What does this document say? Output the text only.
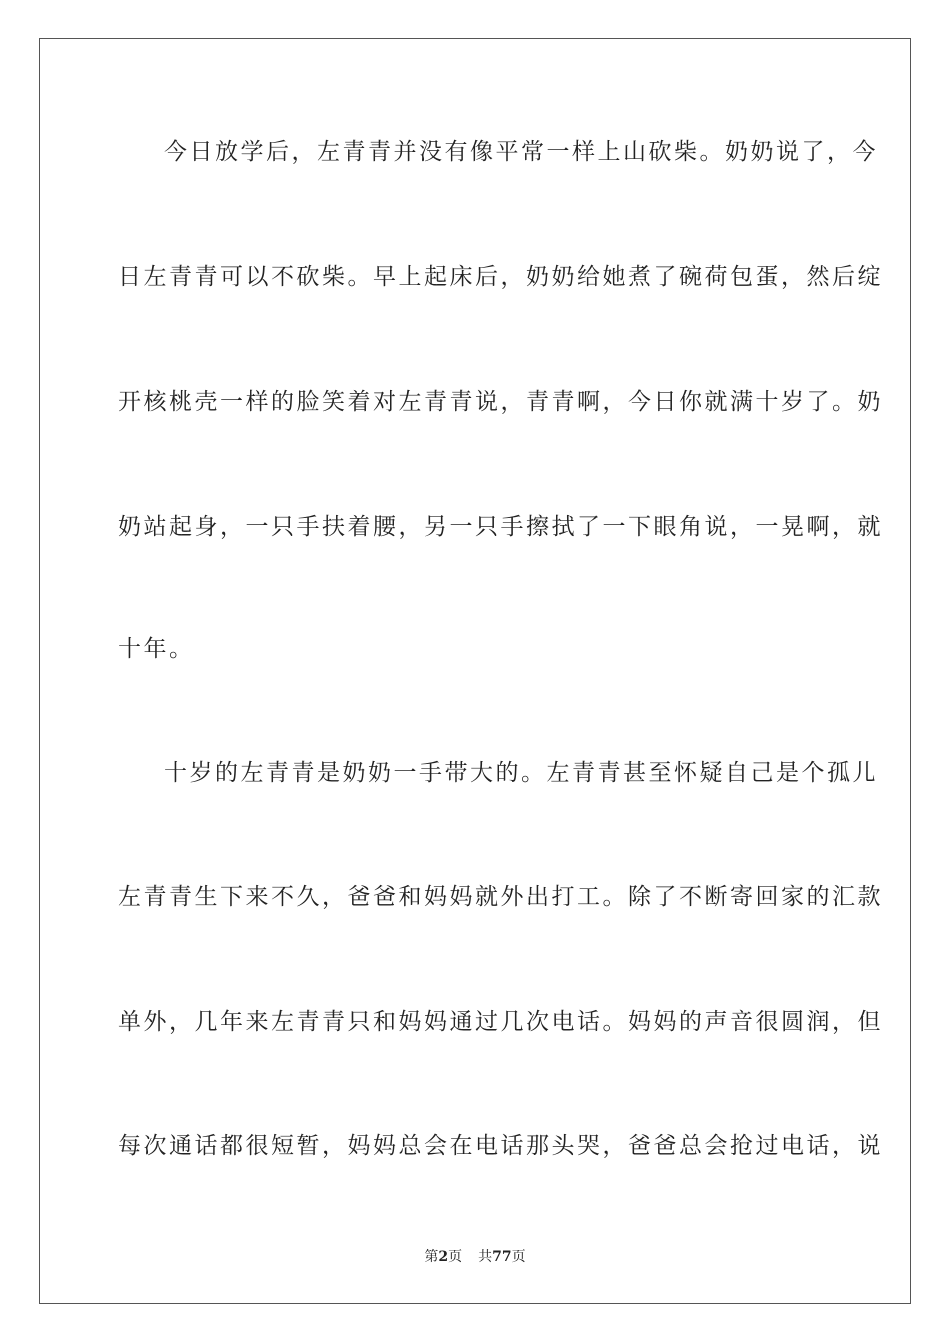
今日放学后，左青青并没有像平常一样上山砍柴。奶奶说了，今
日左青青可以不砍柴。早上起床后，奶奶给她煮了碗荷包蛋，然后绽
开核桃壳一样的脸笑着对左青青说，青青啊，今日你就满十岁了。奶
奶站起身，一只手扶着腰，另一只手擦拭了一下眼角说，一晃啊，就
十年。
十岁的左青青是奶奶一手带大的。左青青甚至怀疑自己是个孤儿
左青青生下来不久，爸爸和妈妈就外出打工。除了不断寄回家的汇款
单外，几年来左青青只和妈妈通过几次电话。妈妈的声音很圆润，但
每次通话都很短暂，妈妈总会在电话那头哭，爸爸总会抢过电话，说
第2页 共77页
